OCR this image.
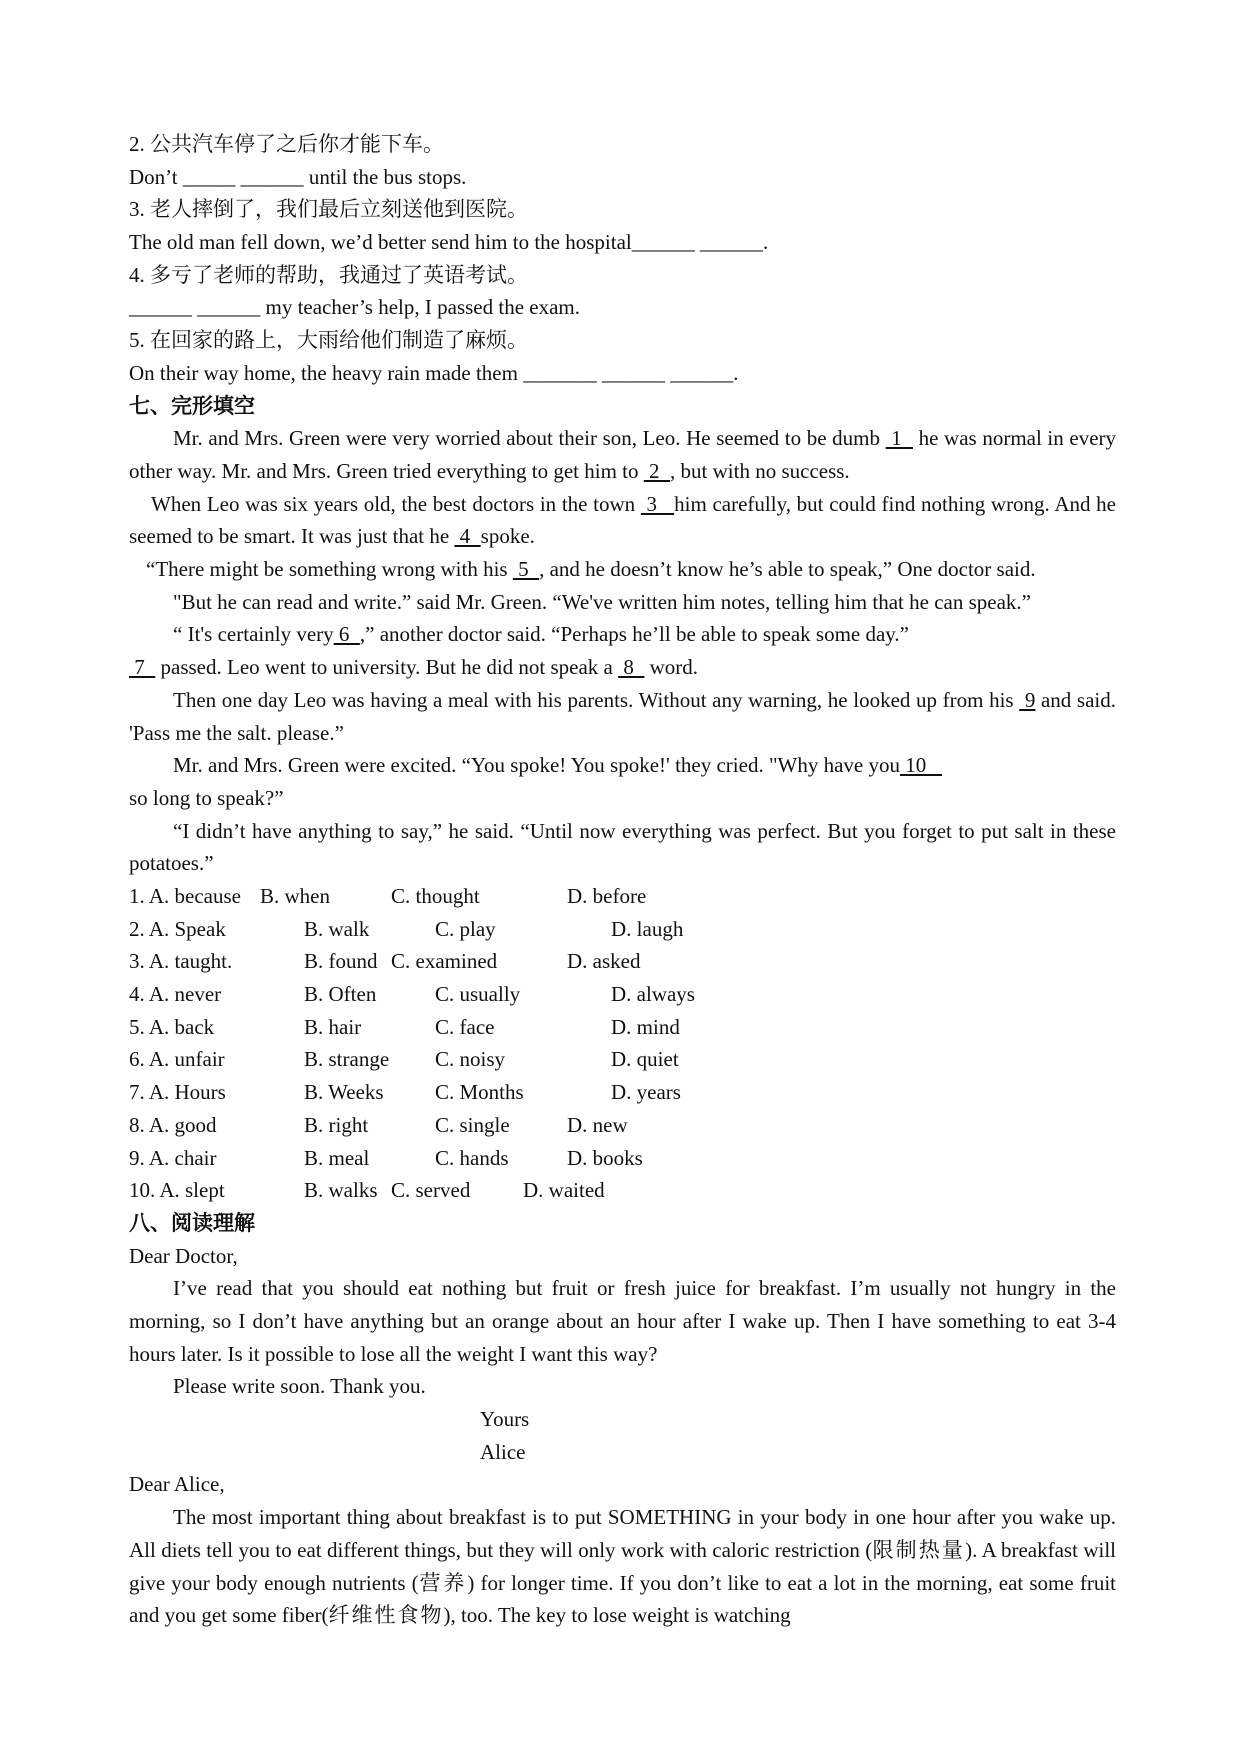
2. 公共汽车停了之后你才能下车。
Don’t _____ ______ until the bus stops.
3. 老人摔倒了，我们最后立刻送他到医院。
The old man fell down, we’d better send him to the hospital______ ______.
4. 多亏了老师的帮助，我通过了英语考试。
______ ______ my teacher’s help, I passed the exam.
5. 在回家的路上，大雨给他们制造了麻烦。
On their way home, the heavy rain made them _______ ______ ______.
七、完形填空
Mr. and Mrs. Green were very worried about their son, Leo. He seemed to be dumb  1   he was normal in every other way. Mr. and Mrs. Green tried everything to get him to  2  , but with no success.
When Leo was six years old, the best doctors in the town  3   him carefully, but could find nothing wrong. And he seemed to be smart. It was just that he  4  spoke.
“There might be something wrong with his  5  , and he doesn’t know he’s able to speak,” One doctor said.
"But he can read and write.” said Mr. Green. “We've written him notes, telling him that he can speak.”
“ It's certainly very 6  ,” another doctor said. “Perhaps he’ll be able to speak some day.”
7   passed. Leo went to university. But he did not speak a  8   word.
Then one day Leo was having a meal with his parents. Without any warning, he looked up from his  9 and said. 'Pass me the salt. please.”
Mr. and Mrs. Green were excited. “You spoke! You spoke!' they cried. "Why have you 10
so long to speak?”
“I didn’t have anything to say,” he said. “Until now everything was perfect. But you forget to put salt in these potatoes.”
1. A. because B. when	C. thought	D. before
2. A. Speak	B. walk	C. play	D. laugh
3. A. taught.	B. found C. examined	D. asked
4. A. never	B. Often	C. usually	D. always
5. A. back	B. hair	C. face	D. mind
6. A. unfair	B. strange	C. noisy	D. quiet
7. A. Hours	B. Weeks	C. Months	D. years
8. A. good	B. right	C. single	D. new
9. A. chair	B. meal	C. hands	D. books
10. A. slept	B. walks C. served	D. waited
八、阅读理解
Dear Doctor,
I’ve read that you should eat nothing but fruit or fresh juice for breakfast. I’m usually not hungry in the morning, so I don’t have anything but an orange about an hour after I wake up. Then I have something to eat 3-4 hours later. Is it possible to lose all the weight I want this way?
Please write soon. Thank you.
Yours
Alice
Dear Alice,
The most important thing about breakfast is to put SOMETHING in your body in one hour after you wake up. All diets tell you to eat different things, but they will only work with caloric restriction (限制热量). A breakfast will give your body enough nutrients (营养) for longer time. If you don’t like to eat a lot in the morning, eat some fruit and you get some fiber(纤维性食物), too. The key to lose weight is watching
